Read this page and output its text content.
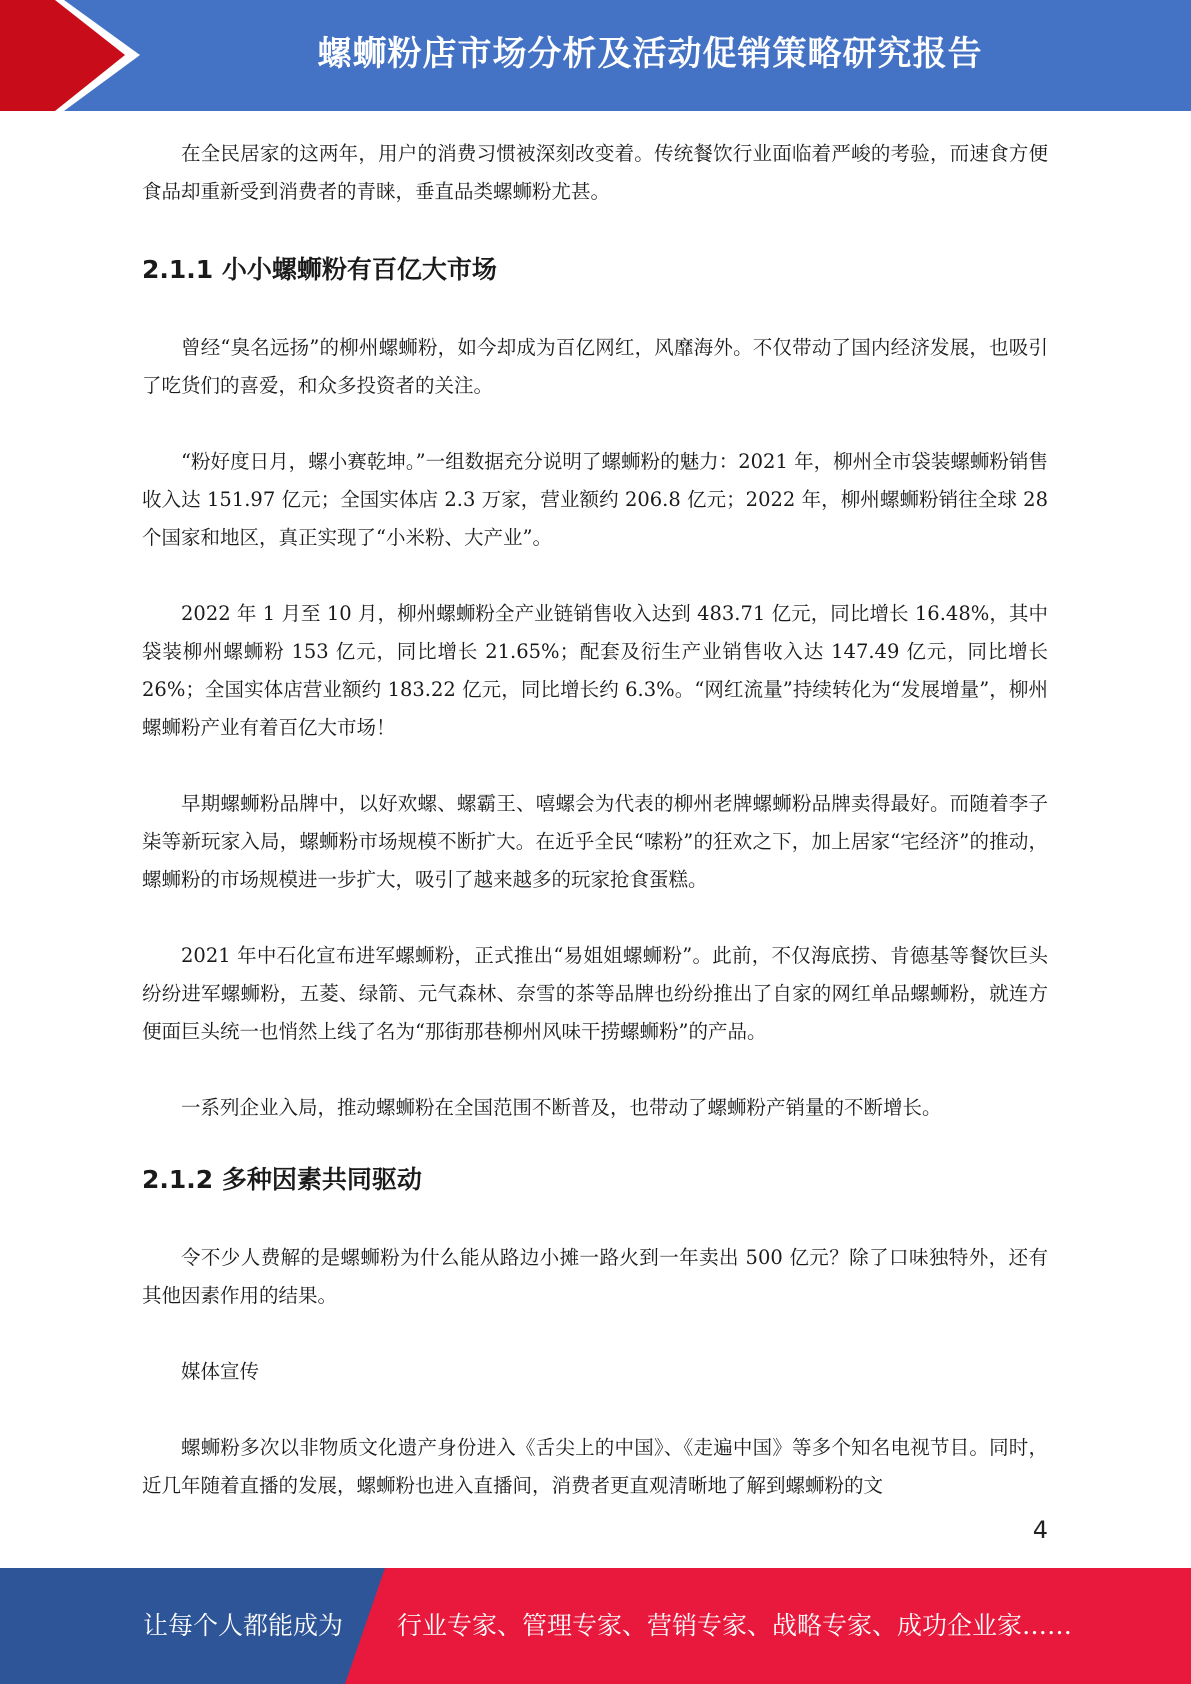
螺蛳粉店市场分析及活动促销策略研究报告

在全民居家的这两年，用户的消费习惯被深刻改变着。传统餐饮行业面临着严峻的考验，而速食方便食品却重新受到消费者的青睐，垂直品类螺蛳粉尤甚。

2.1.1 小小螺蛳粉有百亿大市场

曾经“臭名远扬”的柳州螺蛳粉，如今却成为百亿网红，风靡海外。不仅带动了国内经济发展，也吸引了吃货们的喜爱，和众多投资者的关注。

“粉好度日月，螺小赛乾坤。”一组数据充分说明了螺蛳粉的魅力：2021 年，柳州全市袋装螺蛳粉销售收入达 151.97 亿元；全国实体店 2.3 万家，营业额约 206.8 亿元；2022 年，柳州螺蛳粉销往全球 28 个国家和地区，真正实现了“小米粉、大产业”。

2022 年 1 月至 10 月，柳州螺蛳粉全产业链销售收入达到 483.71 亿元，同比增长 16.48%，其中袋装柳州螺蛳粉 153 亿元，同比增长 21.65%；配套及衍生产业销售收入达 147.49 亿元，同比增长 26%；全国实体店营业额约 183.22 亿元，同比增长约 6.3%。“网红流量”持续转化为“发展增量”，柳州螺蛳粉产业有着百亿大市场！

早期螺蛳粉品牌中，以好欢螺、螺霸王、嘻螺会为代表的柳州老牌螺蛳粉品牌卖得最好。而随着李子柒等新玩家入局，螺蛳粉市场规模不断扩大。在近乎全民“嗦粉”的狂欢之下，加上居家“宅经济”的推动，螺蛳粉的市场规模进一步扩大，吸引了越来越多的玩家抢食蛋糕。

2021 年中石化宣布进军螺蛳粉，正式推出“易姐姐螺蛳粉”。此前，不仅海底捞、肯德基等餐饮巨头纷纷进军螺蛳粉，五菱、绿箭、元气森林、奈雪的茶等品牌也纷纷推出了自家的网红单品螺蛳粉，就连方便面巨头统一也悄然上线了名为“那街那巷柳州风味干捞螺蛳粉”的产品。

一系列企业入局，推动螺蛳粉在全国范围不断普及，也带动了螺蛳粉产销量的不断增长。

2.1.2 多种因素共同驱动

令不少人费解的是螺蛳粉为什么能从路边小摊一路火到一年卖出 500 亿元？除了口味独特外，还有其他因素作用的结果。

媒体宣传

螺蛳粉多次以非物质文化遗产身份进入《舌尖上的中国》、《走遍中国》等多个知名电视节目。同时，近几年随着直播的发展，螺蛳粉也进入直播间，消费者更直观清晰地了解到螺蛳粉的文

4
让每个人都能成为 行业专家、管理专家、营销专家、战略专家、成功企业家……
